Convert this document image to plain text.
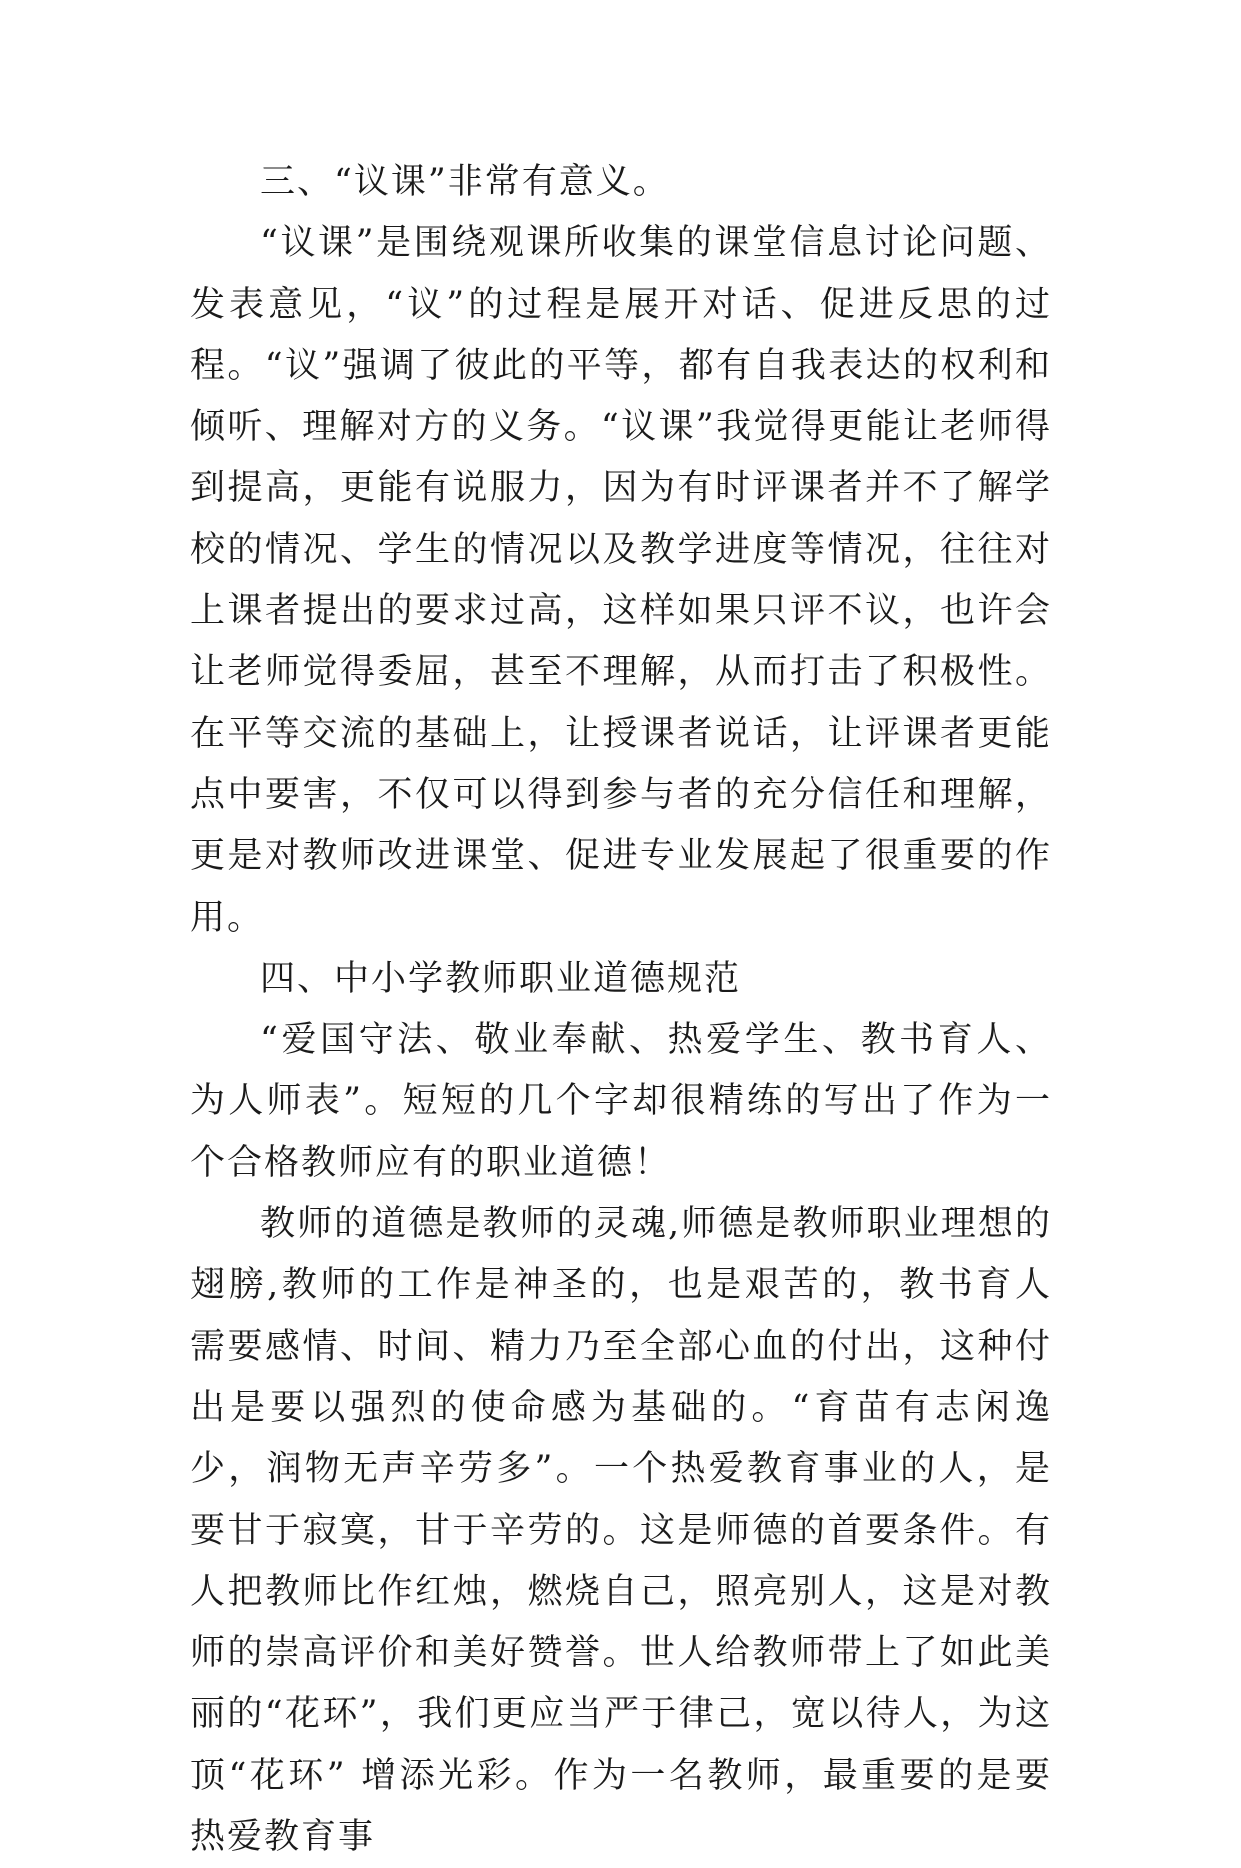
三、“议课”非常有意义。

“议课”是围绕观课所收集的课堂信息讨论问题、发表意见，“议”的过程是展开对话、促进反思的过程。“议”强调了彼此的平等，都有自我表达的权利和倾听、理解对方的义务。“议课”我觉得更能让老师得到提高，更能有说服力，因为有时评课者并不了解学校的情况、学生的情况以及教学进度等情况，往往对上课者提出的要求过高，这样如果只评不议，也许会让老师觉得委屈，甚至不理解，从而打击了积极性。在平等交流的基础上，让授课者说话，让评课者更能点中要害，不仅可以得到参与者的充分信任和理解，更是对教师改进课堂、促进专业发展起了很重要的作用。

四、中小学教师职业道德规范

“爱国守法、敬业奉献、热爱学生、教书育人、为人师表”。短短的几个字却很精练的写出了作为一个合格教师应有的职业道德！

教师的道德是教师的灵魂,师德是教师职业理想的翅膀,教师的工作是神圣的，也是艰苦的，教书育人需要感情、时间、精力乃至全部心血的付出，这种付出是要以强烈的使命感为基础的。“育苗有志闲逸少，润物无声辛劳多”。一个热爱教育事业的人，是要甘于寂寞，甘于辛劳的。这是师德的首要条件。有人把教师比作红烛，燃烧自己，照亮别人，这是对教师的崇高评价和美好赞誉。世人给教师带上了如此美丽的“花环”，我们更应当严于律己，宽以待人，为这顶“花环” 增添光彩。作为一名教师，最重要的是要热爱教育事
